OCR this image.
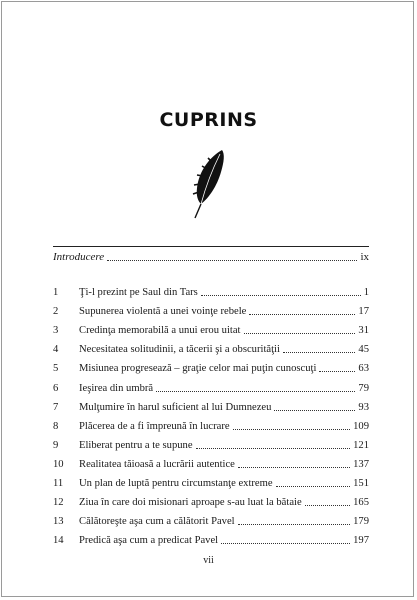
CUPRINS
Introducere	ix
1	Ţi-l prezint pe Saul din Tars	1
2	Supunerea violentă a unei voinţe rebele	17
3	Credinţa memorabilă a unui erou uitat	31
4	Necesitatea solitudinii, a tăcerii şi a obscurităţii	45
5	Misiunea progresează – graţie celor mai puţin cunoscuţi	63
6	Ieşirea din umbră	79
7	Mulţumire în harul suficient al lui Dumnezeu	93
8	Plăcerea de a fi împreună în lucrare	109
9	Eliberat pentru a te supune	121
10	Realitatea tăioasă a lucrării autentice	137
11	Un plan de luptă pentru circumstanţe extreme	151
12	Ziua în care doi misionari aproape s-au luat la bătaie	165
13	Călătoreşte aşa cum a călătorit Pavel	179
14	Predică aşa cum a predicat Pavel	197
vii
